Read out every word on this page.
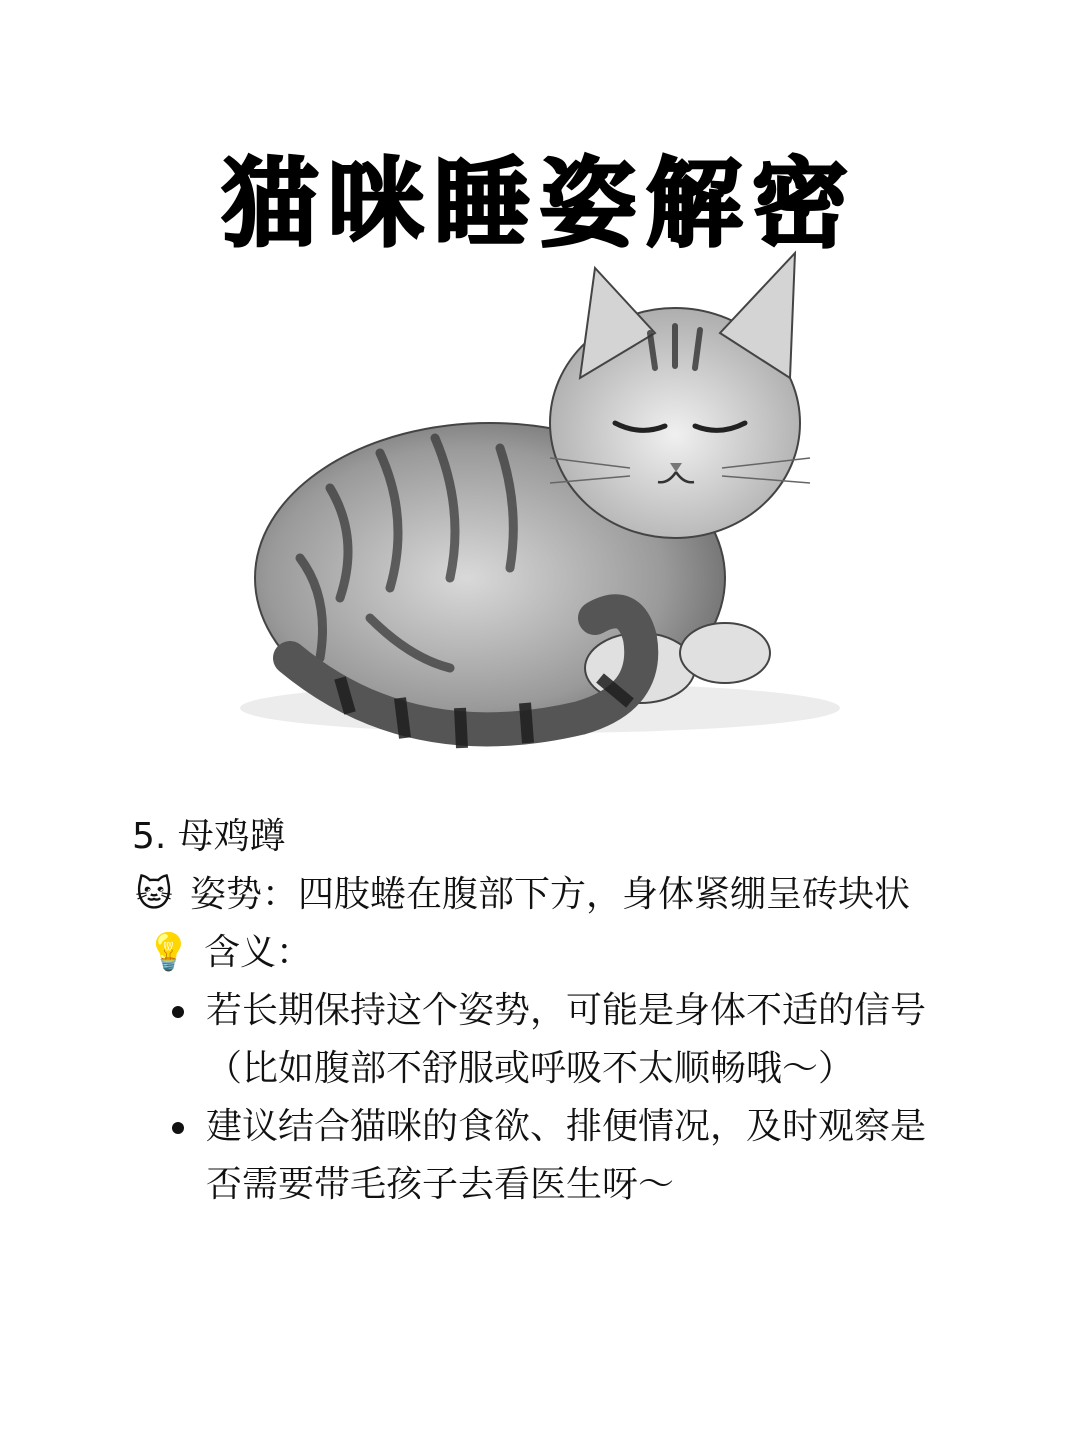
猫咪睡姿解密

5. 母鸡蹲

🐱 姿势：四肢蜷在腹部下方，身体紧绷呈砖块状

💡 含义：

若长期保持这个姿势，可能是身体不适的信号（比如腹部不舒服或呼吸不太顺畅哦～）
建议结合猫咪的食欲、排便情况，及时观察是否需要带毛孩子去看医生呀～
